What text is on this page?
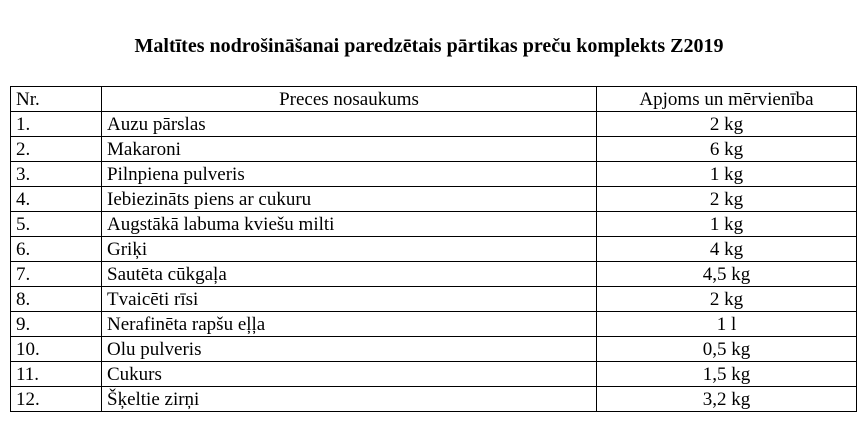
Maltītes nodrošināšanai paredzētais pārtikas preču komplekts Z2019
Nr.	Preces nosaukums	Apjoms un mērvienība
1.	Auzu pārslas	2 kg
2.	Makaroni	6 kg
3.	Pilnpiena pulveris	1 kg
4.	Iebiezināts piens ar cukuru	2 kg
5.	Augstākā labuma kviešu milti	1 kg
6.	Griķi	4 kg
7.	Sautēta cūkgaļa	4,5 kg
8.	Tvaicēti rīsi	2 kg
9.	Nerafinēta rapšu eļļa	1 l
10.	Olu pulveris	0,5 kg
11.	Cukurs	1,5 kg
12.	Šķeltie zirņi	3,2 kg
